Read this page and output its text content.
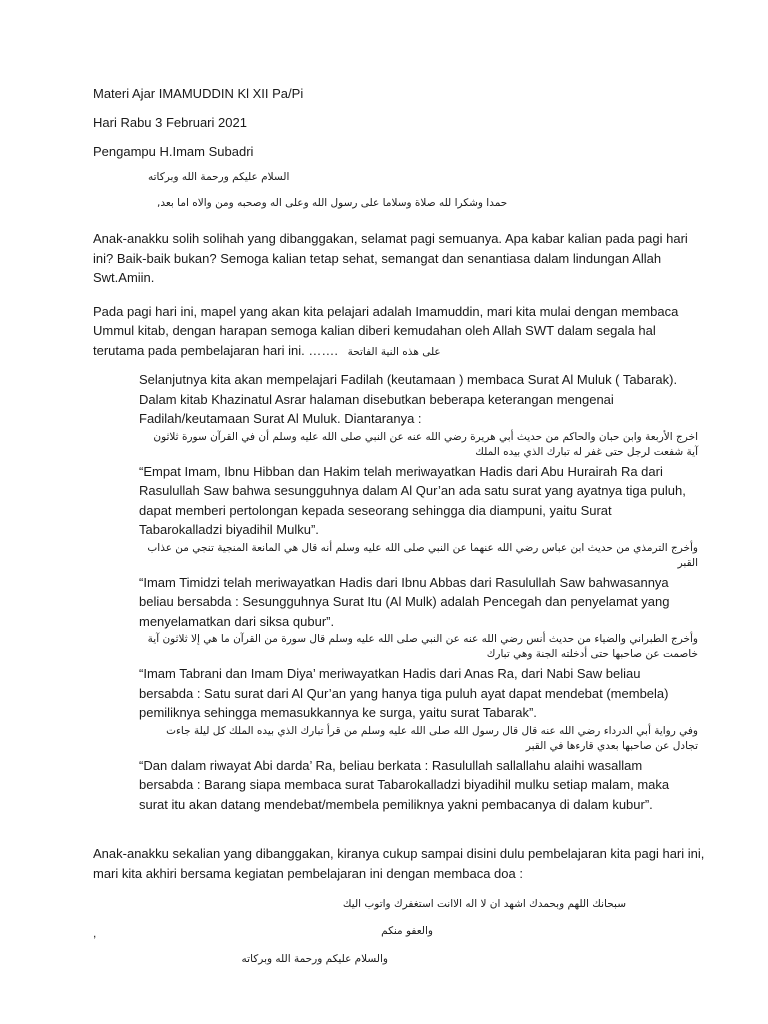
Materi Ajar IMAMUDDIN Kl XII Pa/Pi
Hari Rabu 3 Februari 2021
Pengampu H.Imam Subadri
السلام عليكم ورحمة الله وبركاته
حمدا وشكرا لله صلاة وسلاما على رسول الله وعلى اله وصحبه ومن والاه اما بعد,

Anak-anakku solih solihah yang dibanggakan, selamat pagi semuanya. Apa kabar kalian pada pagi hari ini? Baik-baik bukan? Semoga kalian tetap sehat, semangat dan senantiasa dalam lindungan Allah Swt.Amiin.

Pada pagi hari ini, mapel yang akan kita pelajari adalah Imamuddin, mari kita mulai dengan membaca Ummul kitab, dengan harapan semoga kalian diberi kemudahan oleh Allah SWT dalam segala hal terutama pada pembelajaran hari ini. ……. على هذه النية الفاتحة

Selanjutnya kita akan mempelajari Fadilah (keutamaan ) membaca Surat Al Muluk ( Tabarak).

Dalam kitab Khazinatul Asrar halaman disebutkan beberapa keterangan mengenai Fadilah/keutamaan Surat Al Muluk. Diantaranya :

اخرج الأربعة وابن حبان والحاكم من حديث أبي هريرة رضي الله عنه عن النبي صلى الله عليه وسلم أن في القرآن سورة ثلاثون آية شفعت لرجل حتى غفر له تبارك الذي بيده الملك

“Empat Imam, Ibnu Hibban dan Hakim telah meriwayatkan Hadis dari Abu Hurairah Ra dari Rasulullah Saw bahwa sesungguhnya dalam Al Qur’an ada satu surat yang ayatnya tiga puluh, dapat memberi pertolongan kepada seseorang sehingga dia diampuni, yaitu Surat Tabarokalladzi biyadihil Mulku”.

وأخرج الترمذي من حديث ابن عباس رضي الله عنهما عن النبي صلى الله عليه وسلم أنه قال هي المانعة المنجية تنجي من عذاب القبر

“Imam Timidzi telah meriwayatkan Hadis dari Ibnu Abbas dari Rasulullah Saw bahwasannya beliau bersabda : Sesungguhnya Surat Itu (Al Mulk) adalah Pencegah dan penyelamat yang menyelamatkan dari siksa qubur”.

وأخرج الطبراني والضياء من حديث أنس رضي الله عنه عن النبي صلى الله عليه وسلم قال سورة من القرآن ما هي إلا ثلاثون آية خاصمت عن صاحبها حتى أدخلته الجنة وهي تبارك

“Imam Tabrani dan Imam Diya’ meriwayatkan Hadis dari Anas Ra, dari Nabi Saw beliau bersabda : Satu surat dari Al Qur’an yang hanya tiga puluh ayat dapat mendebat (membela) pemiliknya sehingga memasukkannya ke surga, yaitu surat Tabarak”.

وفي رواية أبي الدرداء رضي الله عنه قال قال رسول الله صلى الله عليه وسلم من قرأ تبارك الذي بيده الملك كل ليلة جاءت تجادل عن صاحبها بعدي قارءها في القبر

“Dan dalam riwayat Abi darda’ Ra, beliau berkata : Rasulullah sallallahu alaihi wasallam bersabda : Barang siapa membaca surat Tabarokalladzi biyadihil mulku setiap malam, maka surat itu akan datang mendebat/membela pemiliknya yakni pembacanya di dalam kubur”.

Anak-anakku sekalian yang dibanggakan, kiranya cukup sampai disini dulu pembelajaran kita pagi hari ini, mari kita akhiri bersama kegiatan pembelajaran ini dengan membaca doa :

سبحانك اللهم وبحمدك اشهد ان لا اله الاانت استغفرك واتوب اليك
,	والعفو منكم
والسلام عليكم ورحمة الله وبركاته
